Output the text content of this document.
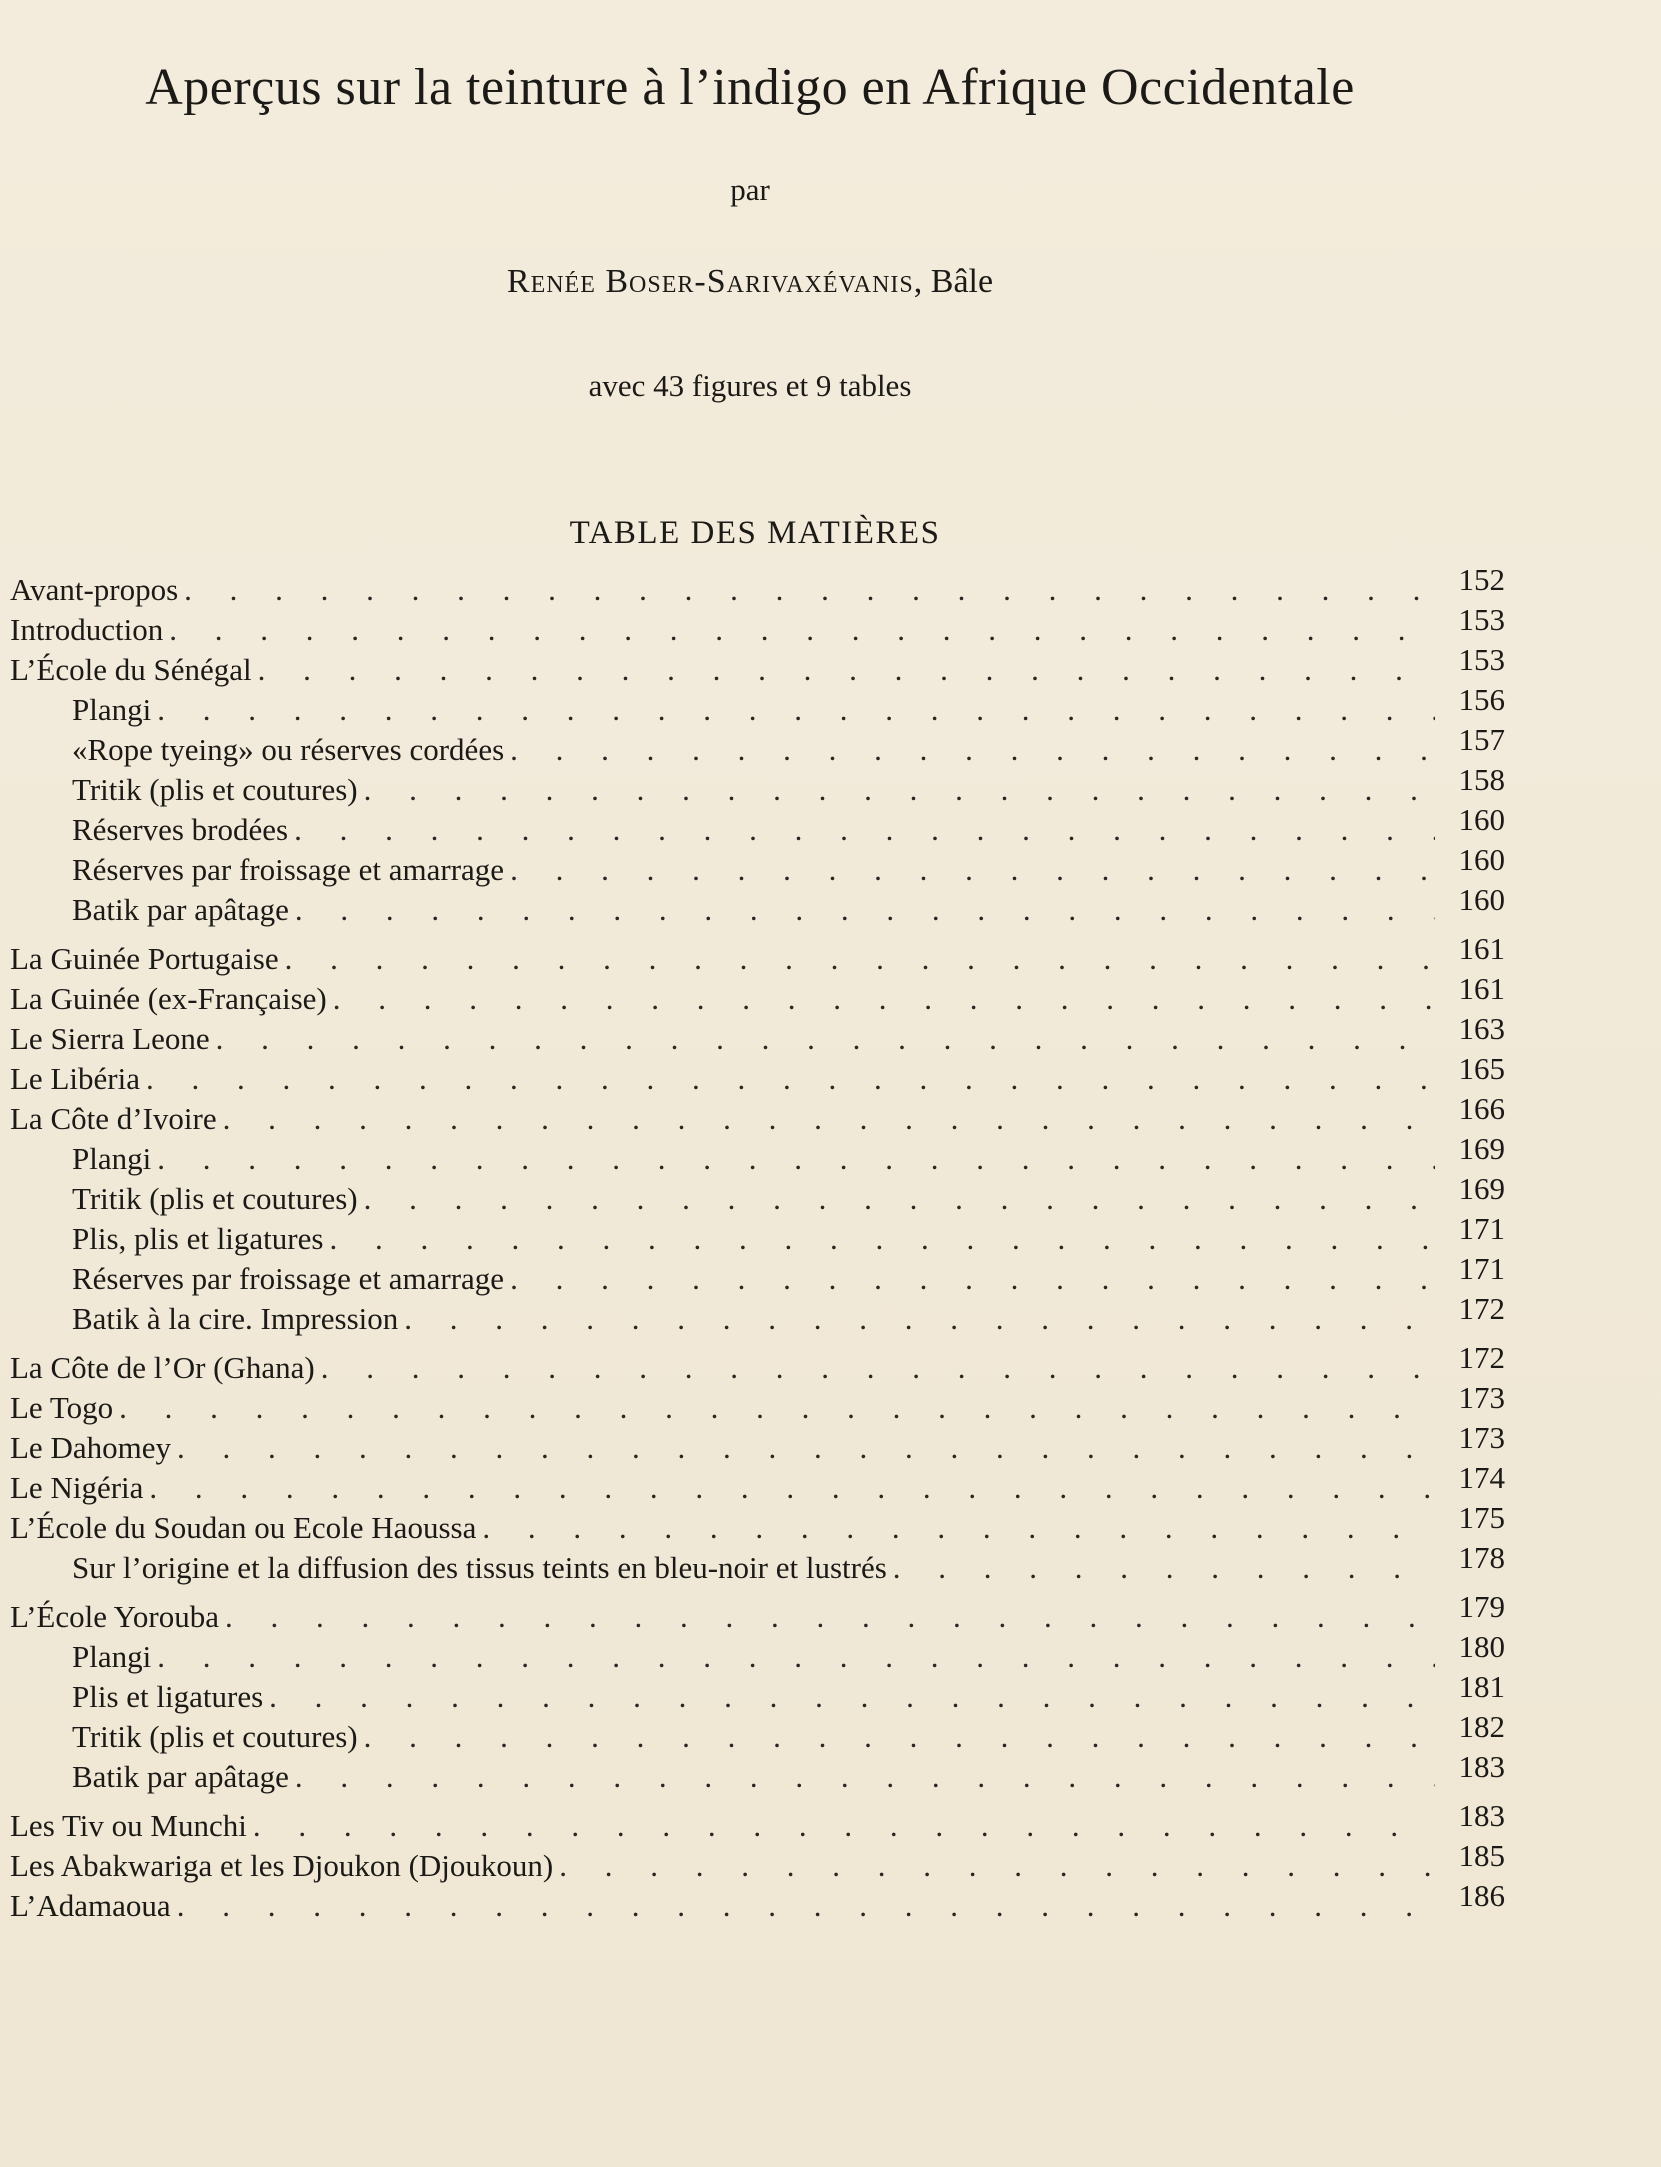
Aperçus sur la teinture à l’indigo en Afrique Occidentale
par
Renée Boser-Sarivaxévanis, Bâle
avec 43 figures et 9 tables
TABLE DES MATIÈRES
Avant-propos . . .	152
Introduction . . .	153
L’École du Sénégal . . .	153
Plangi . . .	156
«Rope tyeing» ou réserves cordées . . .	157
Tritik (plis et coutures) . . .	158
Réserves brodées . . .	160
Réserves par froissage et amarrage . . .	160
Batik par apâtage . . .	160
La Guinée Portugaise . . .	161
La Guinée (ex-Française) . . .	161
Le Sierra Leone . . .	163
Le Libéria . . .	165
La Côte d’Ivoire . . .	166
Plangi . . .	169
Tritik (plis et coutures) . . .	169
Plis, plis et ligatures . . .	171
Réserves par froissage et amarrage . . .	171
Batik à la cire. Impression . . .	172
La Côte de l’Or (Ghana) . . .	172
Le Togo . . .	173
Le Dahomey . . .	173
Le Nigéria . . .	174
L’École du Soudan ou Ecole Haoussa . . .	175
Sur l’origine et la diffusion des tissus teints en bleu-noir et lustrés . . .	178
L’École Yorouba . . .	179
Plangi . . .	180
Plis et ligatures . . .	181
Tritik (plis et coutures) . . .	182
Batik par apâtage . . .	183
Les Tiv ou Munchi . . .	183
Les Abakwariga et les Djoukon (Djoukoun) . . .	185
L’Adamaoua . . .	186
